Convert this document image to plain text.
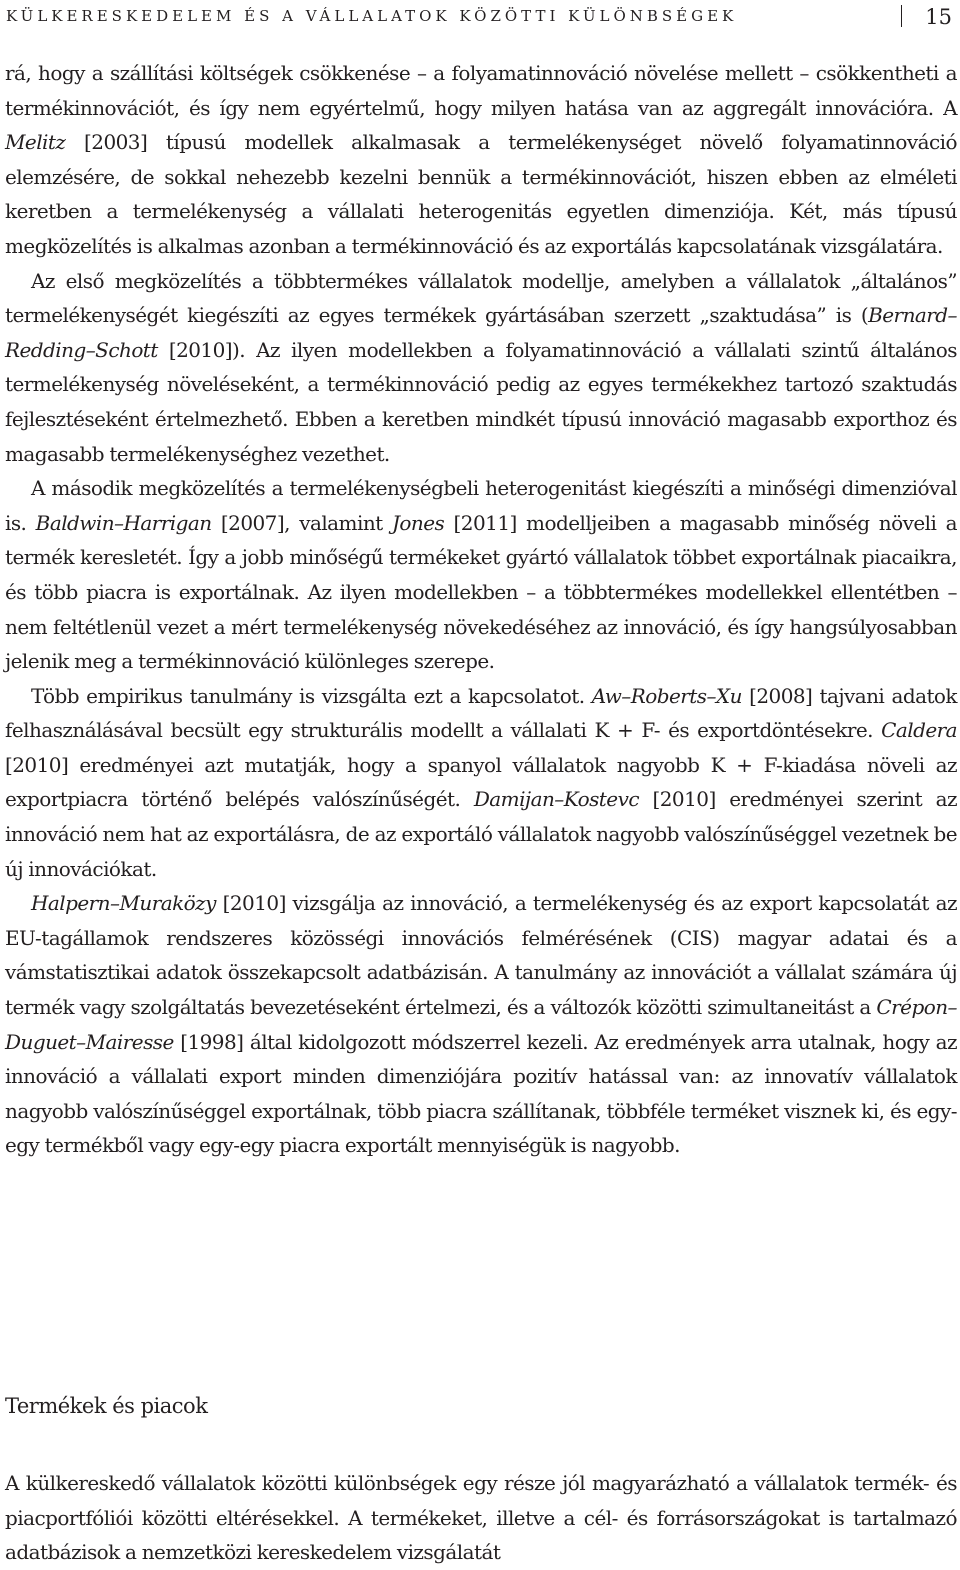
KÜLKERESKEDELEM ÉS A VÁLLALATOK KÖZÖTTI KÜLÖNBSÉGEK	15

rá, hogy a szállítási költségek csökkenése – a folyamatinnováció növelése mellett – csökkentheti a termékinnovációt, és így nem egyértelmű, hogy milyen hatása van az aggregált innovációra. A Melitz [2003] típusú modellek alkalmasak a termelékenységet növelő folyamatinnováció elemzésére, de sokkal nehezebb kezelni bennük a termékinnovációt, hiszen ebben az elméleti keretben a termelékenység a vállalati heterogenitás egyetlen dimenziója. Két, más típusú megközelítés is alkalmas azonban a termékinnováció és az exportálás kapcsolatának vizsgálatára.

Az első megközelítés a többtermékes vállalatok modellje, amelyben a vállalatok „általános” termelékenységét kiegészíti az egyes termékek gyártásában szerzett „szaktudása” is (Bernard–Redding–Schott [2010]). Az ilyen modellekben a folyamatinnováció a vállalati szintű általános termelékenység növeléseként, a termékinnováció pedig az egyes termékekhez tartozó szaktudás fejlesztéseként értelmezhető. Ebben a keretben mindkét típusú innováció magasabb exporthoz és magasabb termelékenységhez vezethet.

A második megközelítés a termelékenységbeli heterogenitást kiegészíti a minőségi dimenzióval is. Baldwin–Harrigan [2007], valamint Jones [2011] modelljeiben a magasabb minőség növeli a termék keresletét. Így a jobb minőségű termékeket gyártó vállalatok többet exportálnak piacaikra, és több piacra is exportálnak. Az ilyen modellekben – a többtermékes modellekkel ellentétben – nem feltétlenül vezet a mért termelékenység növekedéséhez az innováció, és így hangsúlyosabban jelenik meg a termékinnováció különleges szerepe.

Több empirikus tanulmány is vizsgálta ezt a kapcsolatot. Aw–Roberts–Xu [2008] tajvani adatok felhasználásával becsült egy strukturális modellt a vállalati K + F- és exportdöntésekre. Caldera [2010] eredményei azt mutatják, hogy a spanyol vállalatok nagyobb K + F-kiadása növeli az exportpiacra történő belépés valószínűségét. Damijan–Kostevc [2010] eredményei szerint az innováció nem hat az exportálásra, de az exportáló vállalatok nagyobb valószínűséggel vezetnek be új innovációkat.

Halpern–Muraközy [2010] vizsgálja az innováció, a termelékenység és az export kapcsolatát az EU-tagállamok rendszeres közösségi innovációs felmérésének (CIS) magyar adatai és a vámstatisztikai adatok összekapcsolt adatbázisán. A tanulmány az innovációt a vállalat számára új termék vagy szolgáltatás bevezetéseként értelmezi, és a változók közötti szimultaneitást a Crépon–Duguet–Mairesse [1998] által kidolgozott módszerrel kezeli. Az eredmények arra utalnak, hogy az innováció a vállalati export minden dimenziójára pozitív hatással van: az innovatív vállalatok nagyobb valószínűséggel exportálnak, több piacra szállítanak, többféle terméket visznek ki, és egy-egy termékből vagy egy-egy piacra exportált mennyiségük is nagyobb.

Termékek és piacok

A külkereskedő vállalatok közötti különbségek egy része jól magyarázható a vállalatok termék- és piacportfóliói közötti eltérésekkel. A termékeket, illetve a cél- és forrásországokat is tartalmazó adatbázisok a nemzetközi kereskedelem vizsgálatát
